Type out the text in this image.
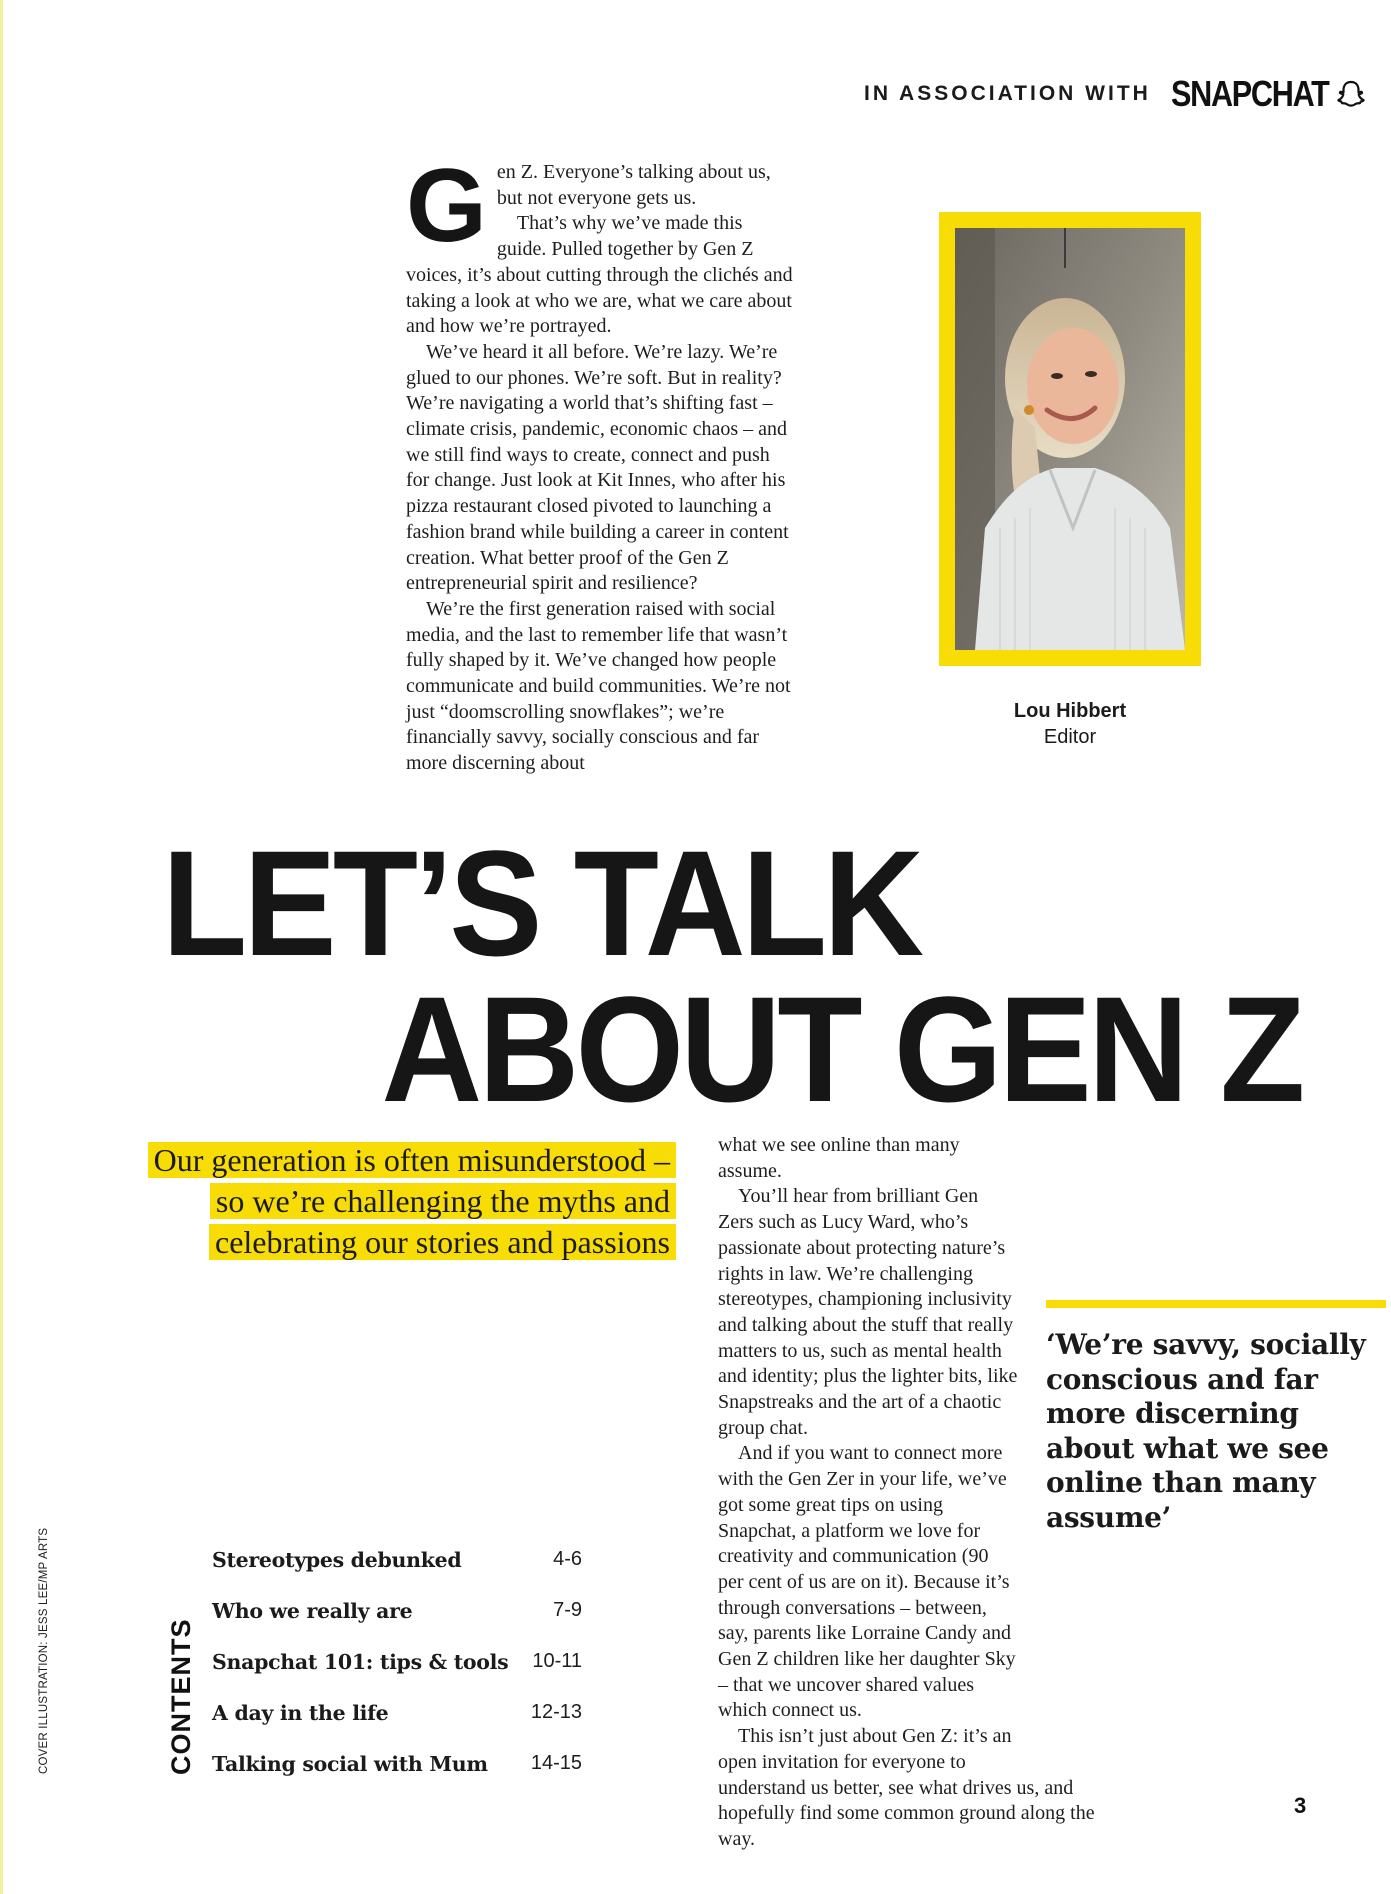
IN ASSOCIATION WITH SNAPCHAT
G en Z. Everyone’s talking about us, but not everyone gets us.

That’s why we’ve made this guide. Pulled together by Gen Z voices, it’s about cutting through the clichés and taking a look at who we are, what we care about and how we’re portrayed.

We’ve heard it all before. We’re lazy. We’re glued to our phones. We’re soft. But in reality? We’re navigating a world that’s shifting fast – climate crisis, pandemic, economic chaos – and we still find ways to create, connect and push for change. Just look at Kit Innes, who after his pizza restaurant closed pivoted to launching a fashion brand while building a career in content creation. What better proof of the Gen Z entrepreneurial spirit and resilience?

We’re the first generation raised with social media, and the last to remember life that wasn’t fully shaped by it. We’ve changed how people communicate and build communities. We’re not just “doomscrolling snowflakes”; we’re financially savvy, socially conscious and far more discerning about

Lou Hibbert
Editor
LET’S TALK
ABOUT GEN Z
Our generation is often misunderstood – so we’re challenging the myths and celebrating our stories and passions

what we see online than many assume.

You’ll hear from brilliant Gen Zers such as Lucy Ward, who’s passionate about protecting nature’s rights in law. We’re challenging stereotypes, championing inclusivity and talking about the stuff that really matters to us, such as mental health and identity; plus the lighter bits, like Snapstreaks and the art of a chaotic group chat.

And if you want to connect more with the Gen Zer in your life, we’ve got some great tips on using Snapchat, a platform we love for creativity and communication (90 per cent of us are on it). Because it’s through conversations – between, say, parents like Lorraine Candy and Gen Z children like her daughter Sky – that we uncover shared values which connect us.

This isn’t just about Gen Z: it’s an open invitation for everyone to understand us better, see what drives us, and hopefully find some common ground along the way.

‘We’re savvy, socially conscious and far more discerning about what we see online than many assume’
COVER ILLUSTRATION: JESS LEE/MP ARTS	CONTENTS
Stereotypes debunked	4-6
Who we really are	7-9
Snapchat 101: tips & tools 10-11
A day in the life	12-13
Talking social with Mum 14-15
3
